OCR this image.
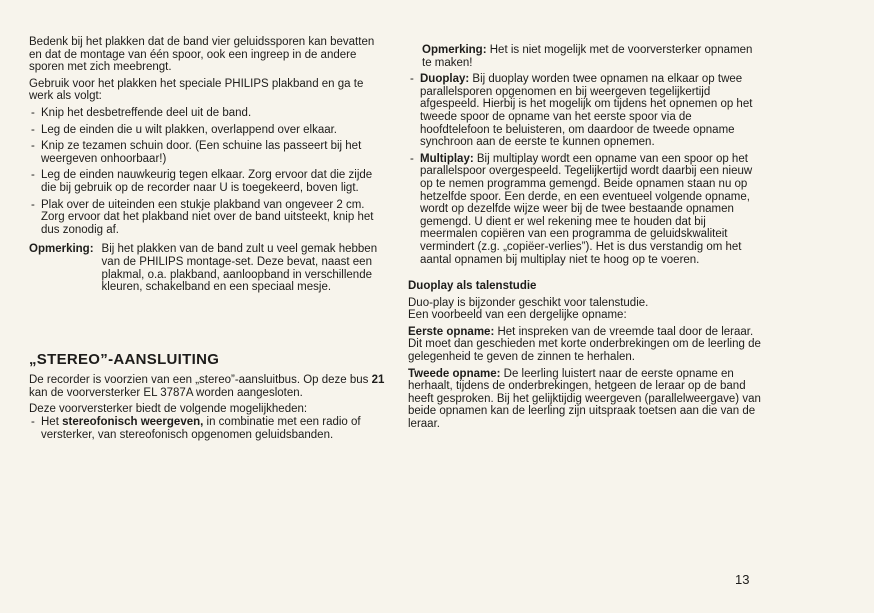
Bedenk bij het plakken dat de band vier geluidssporen kan bevatten en dat de montage van één spoor, ook een ingreep in de andere sporen met zich meebrengt.

Gebruik voor het plakken het speciale PHILIPS plakband en ga te werk als volgt:

- Knip het desbetreffende deel uit de band.

- Leg de einden die u wilt plakken, overlappend over elkaar.

- Knip ze tezamen schuin door. (Een schuine las passeert bij het weergeven onhoorbaar!)

- Leg de einden nauwkeurig tegen elkaar. Zorg ervoor dat die zijde die bij gebruik op de recorder naar U is toegekeerd, boven ligt.

- Plak over de uiteinden een stukje plakband van ongeveer 2 cm. Zorg ervoor dat het plakband niet over de band uitsteekt, knip het dus zonodig af.

Opmerking: Bij het plakken van de band zult u veel gemak hebben van de PHILIPS montage-set. Deze bevat, naast een plakmal, o.a. plakband, aanloopband in verschillende kleuren, schakelband en een speciaal mesje.
„STEREO”-AANSLUITING

De recorder is voorzien van een „stereo”-aansluitbus. Op deze bus 21 kan de voorversterker EL 3787A worden aangesloten.

Deze voorversterker biedt de volgende mogelijkheden:

- Het stereofonisch weergeven, in combinatie met een radio of versterker, van stereofonisch opgenomen geluidsbanden.

Opmerking: Het is niet mogelijk met de voorversterker opnamen te maken!

- Duoplay: Bij duoplay worden twee opnamen na elkaar op twee parallelsporen opgenomen en bij weergeven tegelijkertijd afgespeeld. Hierbij is het mogelijk om tijdens het opnemen op het tweede spoor de opname van het eerste spoor via de hoofdtelefoon te beluisteren, om daardoor de tweede opname synchroon aan de eerste te kunnen opnemen.

- Multiplay: Bij multiplay wordt een opname van een spoor op het parallelspoor overgespeeld. Tegelijkertijd wordt daarbij een nieuw op te nemen programma gemengd. Beide opnamen staan nu op hetzelfde spoor. Een derde, en een eventueel volgende opname, wordt op dezelfde wijze weer bij de twee bestaande opnamen gemengd. U dient er wel rekening mee te houden dat bij meermalen copiëren van een programma de geluidskwaliteit vermindert (z.g. „copiëer-verlies”). Het is dus verstandig om het aantal opnamen bij multiplay niet te hoog op te voeren.

Duoplay als talenstudie

Duo-play is bijzonder geschikt voor talenstudie.

Een voorbeeld van een dergelijke opname:

Eerste opname: Het inspreken van de vreemde taal door de leraar. Dit moet dan geschieden met korte onderbrekingen om de leerling de gelegenheid te geven de zinnen te herhalen.

Tweede opname: De leerling luistert naar de eerste opname en herhaalt, tijdens de onderbrekingen, hetgeen de leraar op de band heeft gesproken. Bij het gelijktijdig weergeven (parallelweergave) van beide opnamen kan de leerling zijn uitspraak toetsen aan die van de leraar.

13
